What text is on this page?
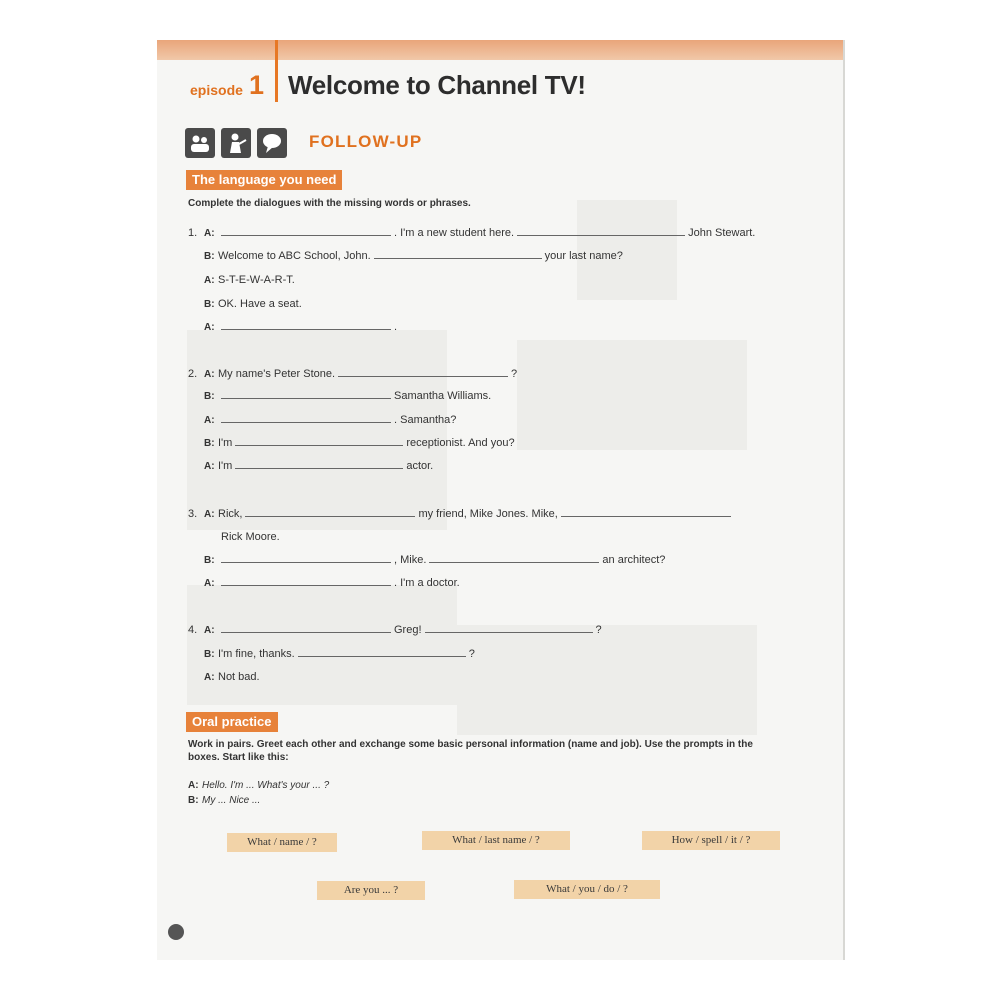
episode 1 Welcome to Channel TV!
FOLLOW-UP
The language you need
Complete the dialogues with the missing words or phrases.
1. A:	. I'm a new student here.	John Stewart.
B: Welcome to ABC School, John.	your last name?
A: S-T-E-W-A-R-T.
B: OK. Have a seat.
A:	.
2. A: My name's Peter Stone.	?
B:	Samantha Williams.
A:	. Samantha?
B: I'm	receptionist. And you?
A: I'm	actor.
3. A: Rick,	my friend, Mike Jones. Mike,
Rick Moore.
B:	, Mike.	an architect?
A:	. I'm a doctor.
4. A:	Greg!	?
B: I'm fine, thanks.	?
A: Not bad.
Oral practice
Work in pairs. Greet each other and exchange some basic personal information (name and job). Use the prompts in the
boxes. Start like this:
A: Hello. I'm ... What's your ... ?
B: My ... Nice ...
What / name / ?	What / last name / ?	How / spell / it / ?
Are you ... ?	What / you / do / ?
